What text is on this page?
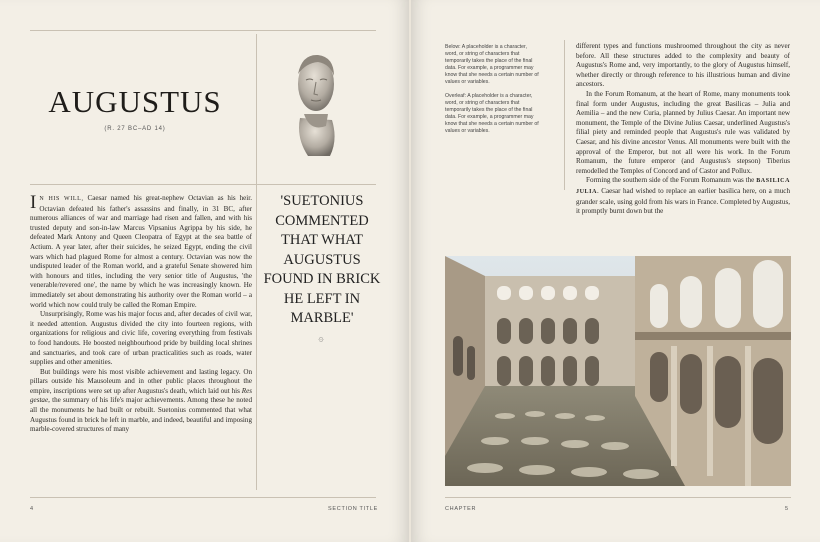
AUGUSTUS
(R. 27 BC–AD 14)

I N HIS WILL, Caesar named his great-nephew Octavian as his heir. Octavian defeated his father's assassins and finally, in 31 BC, after numerous alliances of war and marriage had risen and fallen, and with his trusted deputy and son-in-law Marcus Vipsanius Agrippa by his side, he defeated Mark Antony and Queen Cleopatra of Egypt at the sea battle of Actium. A year later, after their suicides, he seized Egypt, ending the civil wars which had plagued Rome for almost a century. Octavian was now the undisputed leader of the Roman world, and a grateful Senate showered him with honours and titles, including the very senior title of Augustus, 'the venerable/revered one', the name by which he was increasingly known. He immediately set about demonstrating his authority over the Roman world – a world which now could truly be called the Roman Empire.

Unsurprisingly, Rome was his major focus and, after decades of civil war, it needed attention. Augustus divided the city into fourteen regions, with organizations for religious and civic life, covering everything from festivals to food handouts. He boosted neighbourhood pride by building local shrines and sanctuaries, and took care of urban practicalities such as roads, water supplies and other amenities.

But buildings were his most visible achievement and lasting legacy. On pillars outside his Mausoleum and in other public places throughout the empire, inscriptions were set up after Augustus's death, which laid out his Res gestae, the summary of his life's major achievements. Among these he noted all the monuments he had built or rebuilt. Suetonius commented that what Augustus found in brick he left in marble, and indeed, beautiful and imposing marble-covered structures of many

'SUETONIUS COMMENTED THAT WHAT AUGUSTUS FOUND IN BRICK HE LEFT IN MARBLE'
۞
4	SECTION TITLE

Below: A placeholder is a character, word, or string of characters that temporarily takes the place of the final data. For example, a programmer may know that she needs a certain number of values or variables.

Overleaf: A placeholder is a character, word, or string of characters that temporarily takes the place of the final data. For example, a programmer may know that she needs a certain number of values or variables.

different types and functions mushroomed throughout the city as never before. All these structures added to the complexity and beauty of Augustus's Rome and, very importantly, to the glory of Augustus himself, whether directly or through reference to his illustrious human and divine ancestors.

In the Forum Romanum, at the heart of Rome, many monuments took final form under Augustus, including the great Basilicas – Julia and Aemilia – and the new Curia, planned by Julius Caesar. An important new monument, the Temple of the Divine Julius Caesar, underlined Augustus's filial piety and reminded people that Augustus's rule was validated by Caesar, and his divine ancestor Venus. All monuments were built with the approval of the Emperor, but not all were his work. In the Forum Romanum, the future emperor (and Augustus's stepson) Tiberius remodelled the Temples of Concord and of Castor and Pollux.

Forming the southern side of the Forum Romanum was the BASILICA JULIA. Caesar had wished to replace an earlier basilica here, on a much grander scale, using gold from his wars in France. Completed by Augustus, it promptly burnt down but the

CHAPTER	5
